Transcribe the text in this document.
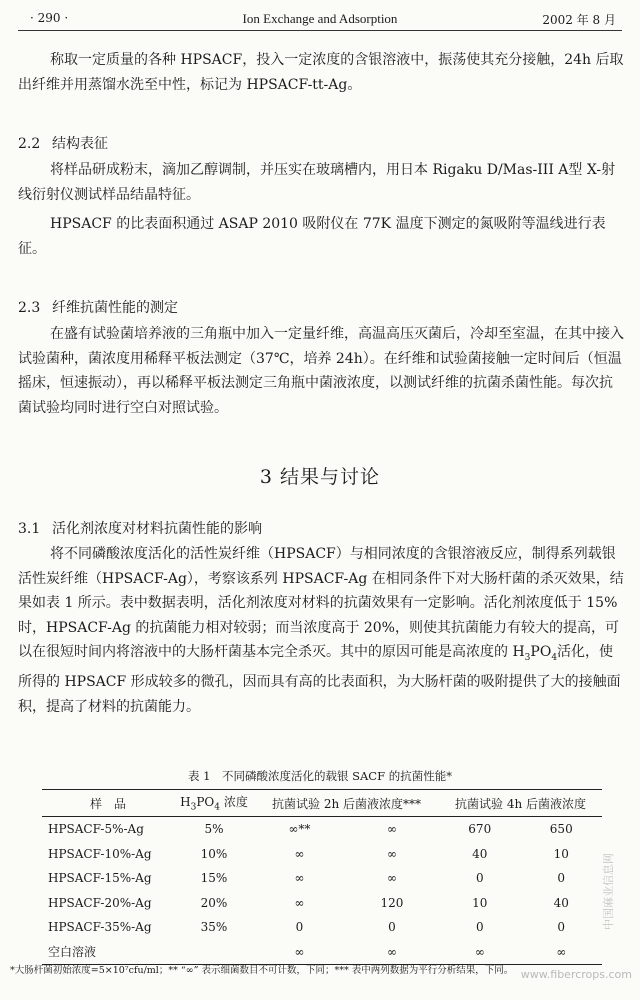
· 290 ·	Ion Exchange and Adsorption	2002 年 8 月

称取一定质量的各种 HPSACF，投入一定浓度的含银溶液中，振荡使其充分接触，24h 后取出纤维并用蒸馏水洗至中性，标记为 HPSACF-tt-Ag。

2.2 结构表征

将样品研成粉末，滴加乙醇调制，并压实在玻璃槽内，用日本 Rigaku D/Mas-III A型 X-射线衍射仪测试样品结晶特征。

HPSACF 的比表面积通过 ASAP 2010 吸附仪在 77K 温度下测定的氮吸附等温线进行表征。

2.3 纤维抗菌性能的测定

在盛有试验菌培养液的三角瓶中加入一定量纤维，高温高压灭菌后，冷却至室温，在其中接入试验菌种，菌浓度用稀释平板法测定（37℃，培养 24h）。在纤维和试验菌接触一定时间后（恒温摇床，恒速振动），再以稀释平板法测定三角瓶中菌液浓度，以测试纤维的抗菌杀菌性能。每次抗菌试验均同时进行空白对照试验。

3 结果与讨论
3.1 活化剂浓度对材料抗菌性能的影响

将不同磷酸浓度活化的活性炭纤维（HPSACF）与相同浓度的含银溶液反应，制得系列载银活性炭纤维（HPSACF-Ag），考察该系列 HPSACF-Ag 在相同条件下对大肠杆菌的杀灭效果，结果如表 1 所示。表中数据表明，活化剂浓度对材料的抗菌效果有一定影响。活化剂浓度低于 15%时，HPSACF-Ag 的抗菌能力相对较弱；而当浓度高于 20%，则使其抗菌能力有较大的提高，可以在很短时间内将溶液中的大肠杆菌基本完全杀灭。其中的原因可能是高浓度的 $H_3PO_4$活化，使所得的 HPSACF 形成较多的微孔，因而具有高的比表面积，为大肠杆菌的吸附提供了大的接触面积，提高了材料的抗菌能力。

表 1　不同磷酸浓度活化的载银 SACF 的抗菌性能*
样　品	$H_3PO_4$ 浓度	抗菌试验 2h 后菌液浓度***		抗菌试验 4h 后菌液浓度	
HPSACF-5%-Ag	5%	∞**	∞	670	650
HPSACF-10%-Ag	10%	∞	∞	40	10
HPSACF-15%-Ag	15%	∞	∞	0	0
HPSACF-20%-Ag	20%	∞	120	10	40
HPSACF-35%-Ag	35%	0	0	0	0
空白溶液		∞	∞	∞	∞
*大肠杆菌初始浓度=5×10⁷cfu/ml；** “∞” 表示细菌数目不可计数，下同；*** 表中两列数据为平行分析结果，下同。
中国麻业信息网
www.fibercrops.com
